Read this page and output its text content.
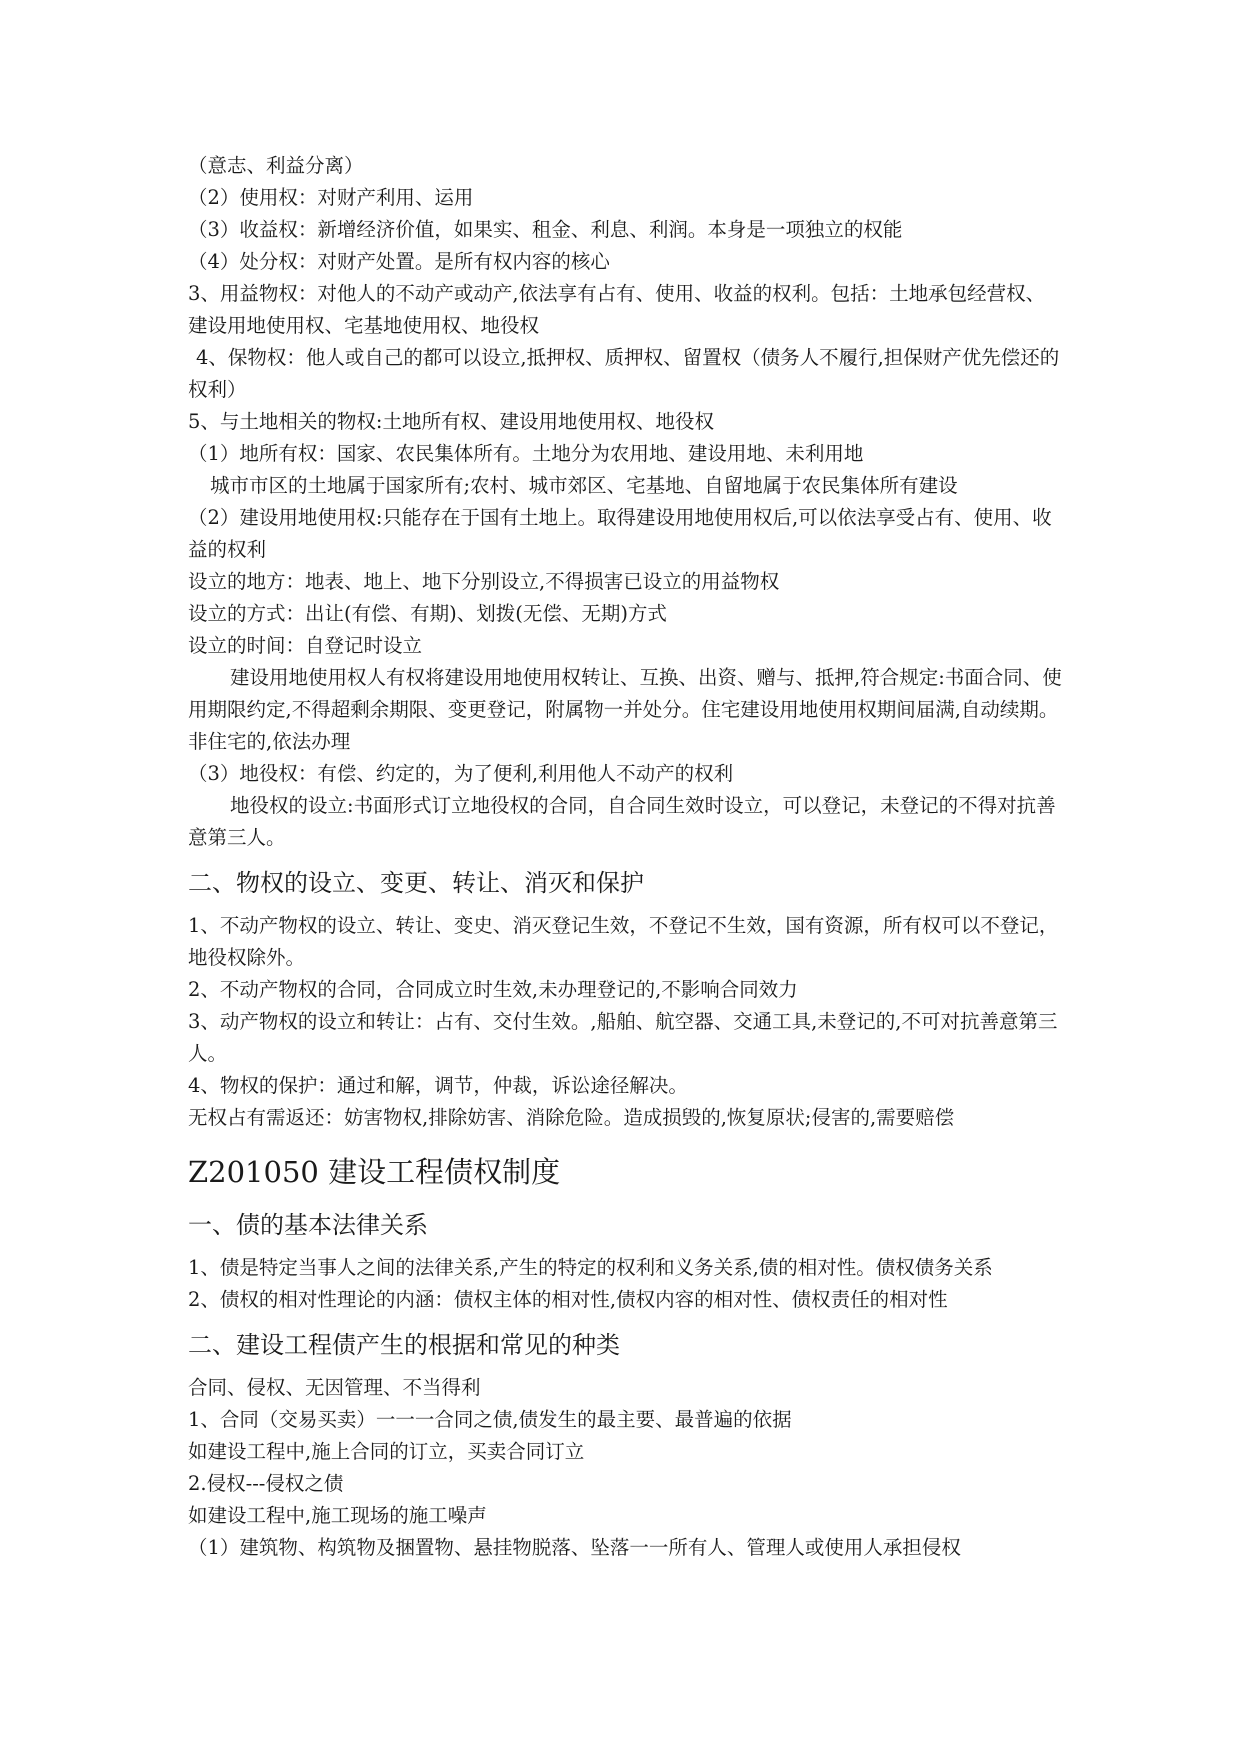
（意志、利益分离）

（2）使用权：对财产利用、运用

（3）收益权：新增经济价值，如果实、租金、利息、利润。本身是一项独立的权能

（4）处分权：对财产处置。是所有权内容的核心

3、用益物权：对他人的不动产或动产,依法享有占有、使用、收益的权利。包括：土地承包经营权、建设用地使用权、宅基地使用权、地役权

4、保物权：他人或自己的都可以设立,抵押权、质押权、留置权（债务人不履行,担保财产优先偿还的权利）

5、与土地相关的物权:土地所有权、建设用地使用权、地役权

（1）地所有权：国家、农民集体所有。土地分为农用地、建设用地、未利用地

城市市区的土地属于国家所有;农村、城市郊区、宅基地、自留地属于农民集体所有建设

（2）建设用地使用权:只能存在于国有土地上。取得建设用地使用权后,可以依法享受占有、使用、收益的权利

设立的地方：地表、地上、地下分别设立,不得损害已设立的用益物权

设立的方式：出让(有偿、有期)、划拨(无偿、无期)方式

设立的时间：自登记时设立

建设用地使用权人有权将建设用地使用权转让、互换、出资、赠与、抵押,符合规定:书面合同、使用期限约定,不得超剩余期限、变更登记，附属物一并处分。住宅建设用地使用权期间届满,自动续期。非住宅的,依法办理

（3）地役权：有偿、约定的，为了便利,利用他人不动产的权利

地役权的设立:书面形式订立地役权的合同，自合同生效时设立，可以登记，未登记的不得对抗善意第三人。

二、物权的设立、变更、转让、消灭和保护

1、不动产物权的设立、转让、变史、消灭登记生效，不登记不生效，国有资源，所有权可以不登记，地役权除外。

2、不动产物权的合同，合同成立时生效,未办理登记的,不影响合同效力

3、动产物权的设立和转让：占有、交付生效。,船舶、航空器、交通工具,未登记的,不可对抗善意第三人。

4、物权的保护：通过和解，调节，仲裁，诉讼途径解决。

无权占有需返还：妨害物权,排除妨害、消除危险。造成损毁的,恢复原状;侵害的,需要赔偿

Z201050 建设工程债权制度
一、债的基本法律关系

1、债是特定当事人之间的法律关系,产生的特定的权利和义务关系,债的相对性。债权债务关系

2、债权的相对性理论的内涵：债权主体的相对性,债权内容的相对性、债权责任的相对性

二、建设工程债产生的根据和常见的种类

合同、侵权、无因管理、不当得利

1、合同（交易买卖）一一一合同之债,债发生的最主要、最普遍的依据

如建设工程中,施上合同的订立，买卖合同订立

2.侵权---侵权之债

如建设工程中,施工现场的施工噪声

（1）建筑物、构筑物及捆置物、悬挂物脱落、坠落一一所有人、管理人或使用人承担侵权
